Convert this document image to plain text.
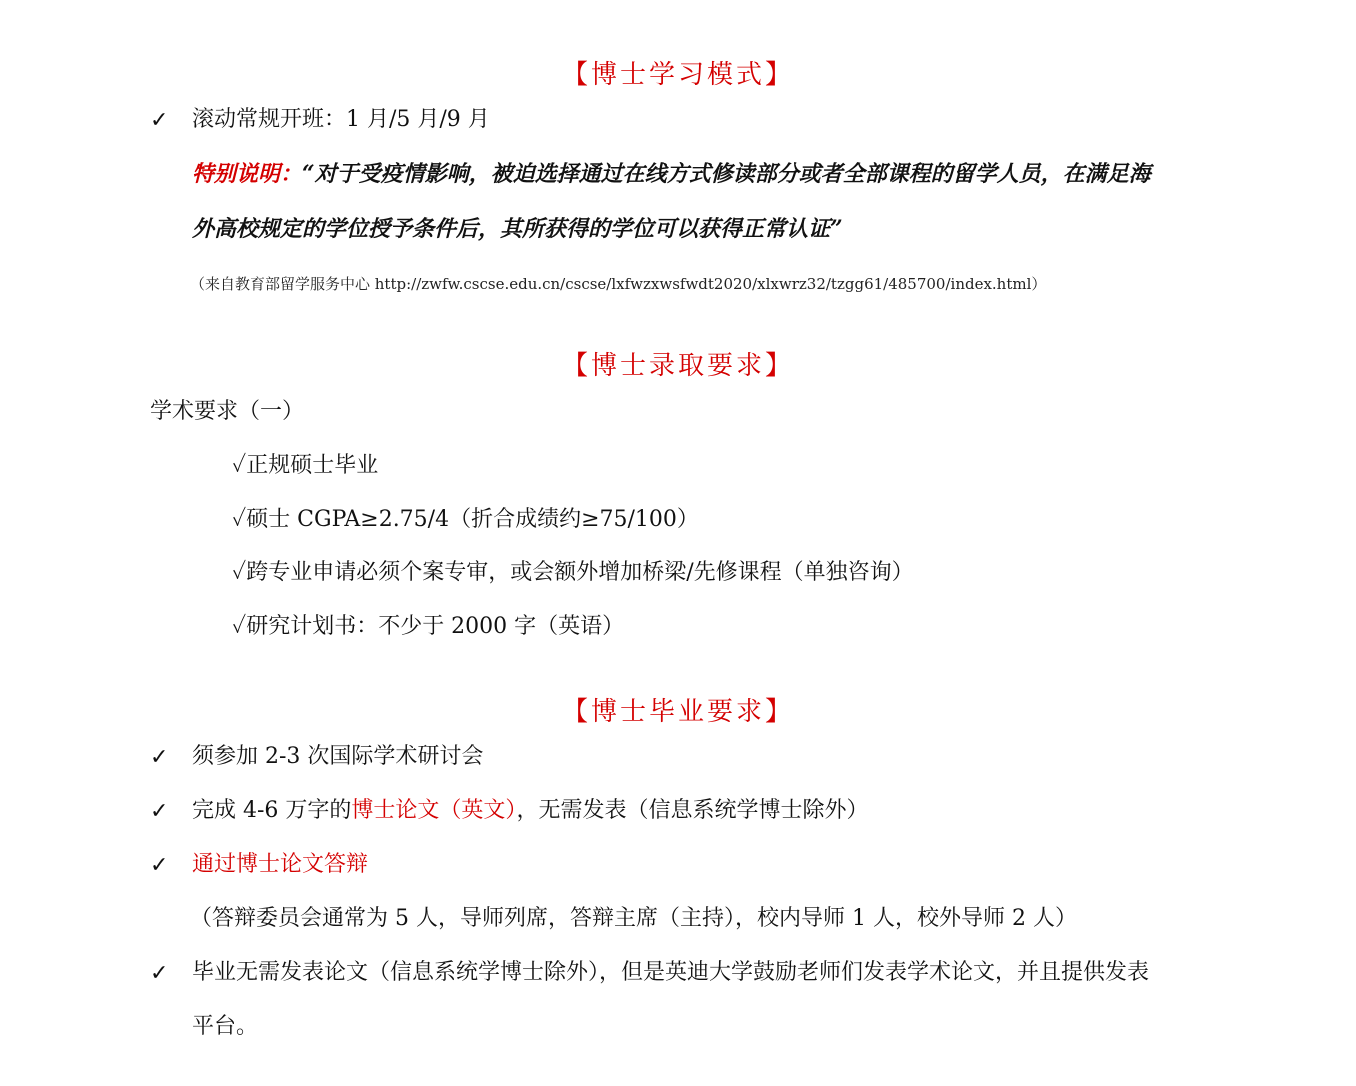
【博士学习模式】
✓ 滚动常规开班：1 月/5 月/9 月
特别说明：“对于受疫情影响，被迫选择通过在线方式修读部分或者全部课程的留学人员，在满足海
外高校规定的学位授予条件后，其所获得的学位可以获得正常认证”
（来自教育部留学服务中心 http://zwfw.cscse.edu.cn/cscse/lxfwzxwsfwdt2020/xlxwrz32/tzgg61/485700/index.html）
【博士录取要求】
学术要求（一）
✓正规硕士毕业
✓硕士 CGPA≥2.75/4（折合成绩约≥75/100）
✓跨专业申请必须个案专审，或会额外增加桥梁/先修课程（单独咨询）
✓研究计划书：不少于 2000 字（英语）
【博士毕业要求】
✓ 须参加 2-3 次国际学术研讨会
✓ 完成 4-6 万字的博士论文（英文），无需发表（信息系统学博士除外）
✓ 通过博士论文答辩
（答辩委员会通常为 5 人，导师列席，答辩主席（主持），校内导师 1 人，校外导师 2 人）
✓ 毕业无需发表论文（信息系统学博士除外），但是英迪大学鼓励老师们发表学术论文，并且提供发表
平台。
